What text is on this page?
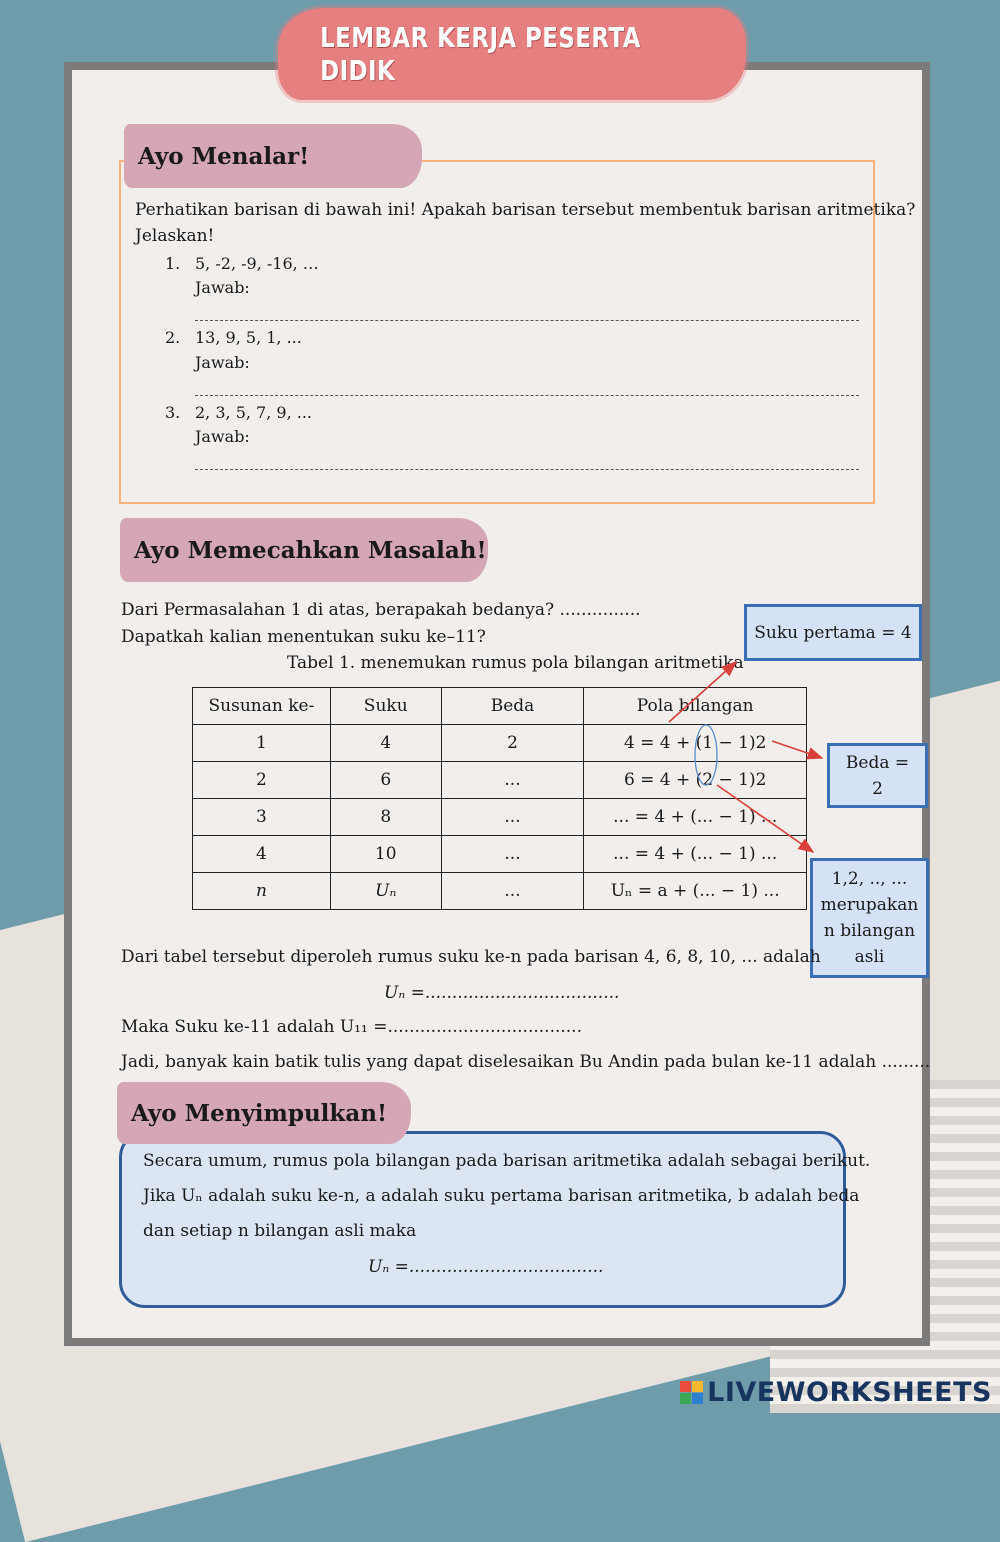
LEMBAR KERJA PESERTA DIDIK
Ayo Menalar!
Perhatikan barisan di bawah ini! Apakah barisan tersebut membentuk barisan aritmetika?
Jelaskan!
1. 5, -2, -9, -16, …
Jawab:
2. 13, 9, 5, 1, ...
Jawab:
3. 2, 3, 5, 7, 9, ...
Jawab:
Ayo Memecahkan Masalah!
Dari Permasalahan 1 di atas, berapakah bedanya? ...............
Dapatkah kalian menentukan suku ke–11?
Tabel 1. menemukan rumus pola bilangan aritmetika
Susunan ke-	Suku	Beda	Pola bilangan
1	4	2	4 = 4 + (1 − 1)2
2	6	...	6 = 4 + (2 − 1)2
3	8	...	... = 4 + (... − 1) ...
4	10	...	... = 4 + (... − 1) ...
n	Uₙ	...	Uₙ = a + (... − 1) ...
Suku pertama = 4
Beda =
2
1,2, .., ...
merupakan
n bilangan
asli
Dari tabel tersebut diperoleh rumus suku ke-n pada barisan 4, 6, 8, 10, ... adalah
Uₙ =....................................
Maka Suku ke-11 adalah U₁₁ =....................................
Jadi, banyak kain batik tulis yang dapat diselesaikan Bu Andin pada bulan ke-11 adalah .........
Ayo Menyimpulkan!
Secara umum, rumus pola bilangan pada barisan aritmetika adalah sebagai berikut.
Jika Uₙ adalah suku ke-n, a adalah suku pertama barisan aritmetika, b adalah beda
dan setiap n bilangan asli maka
Uₙ =....................................
LIVEWORKSHEETS
